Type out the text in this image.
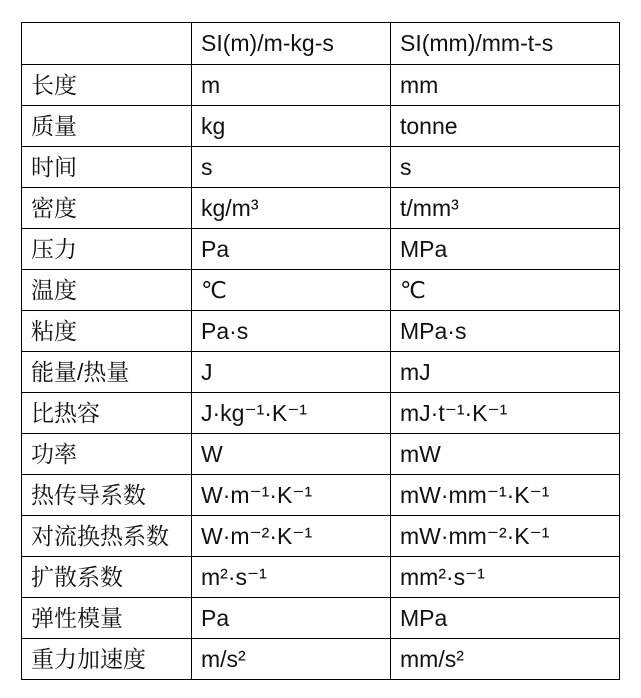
	SI(m)/m-kg-s	SI(mm)/mm-t-s
长度	m	mm
质量	kg	tonne
时间	s	s
密度	kg/m³	t/mm³
压力	Pa	MPa
温度	℃	℃
粘度	Pa·s	MPa·s
能量/热量	J	mJ
比热容	J·kg⁻¹·K⁻¹	mJ·t⁻¹·K⁻¹
功率	W	mW
热传导系数	W·m⁻¹·K⁻¹	mW·mm⁻¹·K⁻¹
对流换热系数	W·m⁻²·K⁻¹	mW·mm⁻²·K⁻¹
扩散系数	m²·s⁻¹	mm²·s⁻¹
弹性模量	Pa	MPa
重力加速度	m/s²	mm/s²
